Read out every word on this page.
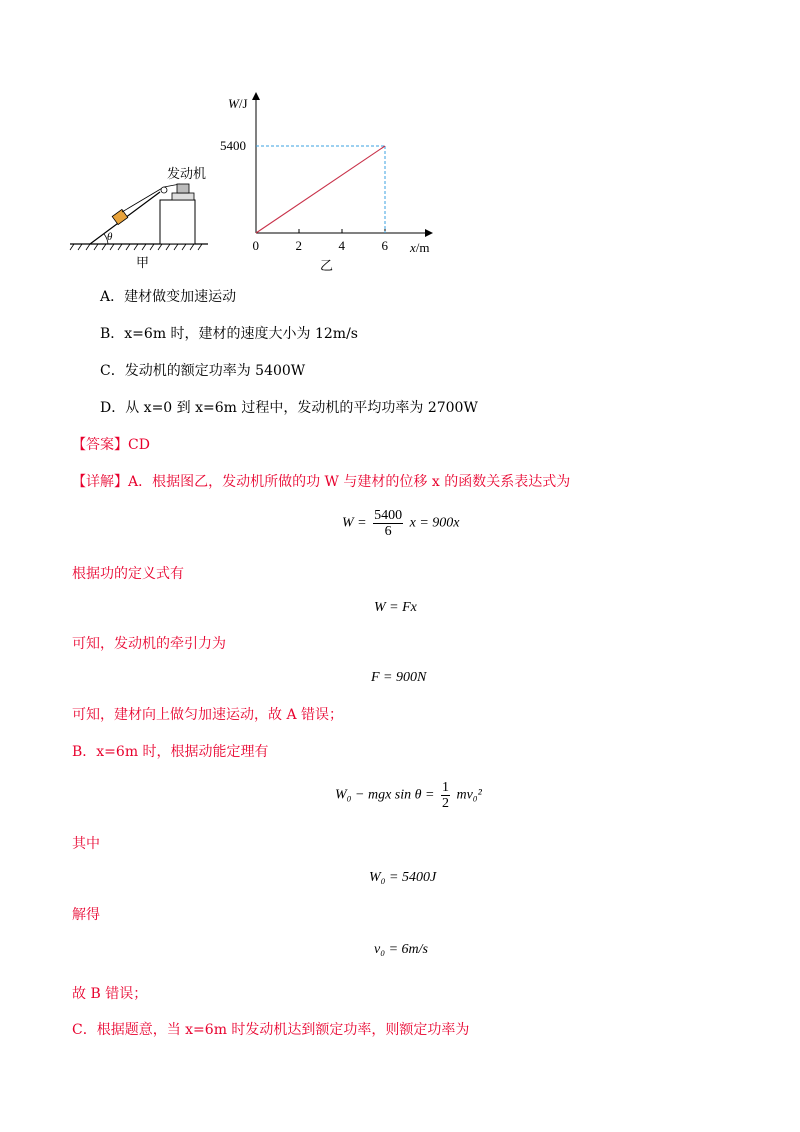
θ
发动机
甲
W/J
x/m
0	2	4	6
5400
乙
A．建材做变加速运动
B．x=6m 时，建材的速度大小为 12m/s
C．发动机的额定功率为 5400W
D．从 x=0 到 x=6m 过程中，发动机的平均功率为 2700W
【答案】CD
【详解】A．根据图乙，发动机所做的功 W 与建材的位移 x 的函数关系表达式为
$W = \frac{5400}{6}$ x = 900x
根据功的定义式有
W = Fx
可知，发动机的牵引力为
F = 900N
可知，建材向上做匀加速运动，故 A 错误；
B．x=6m 时，根据动能定理有
W₀ − mgx $\sin \theta = \frac{1}{2} mv_0^2$
其中
W₀ = 5400J
解得
v₀ = 6m/s
故 B 错误；
C．根据题意，当 x=6m 时发动机达到额定功率，则额定功率为
